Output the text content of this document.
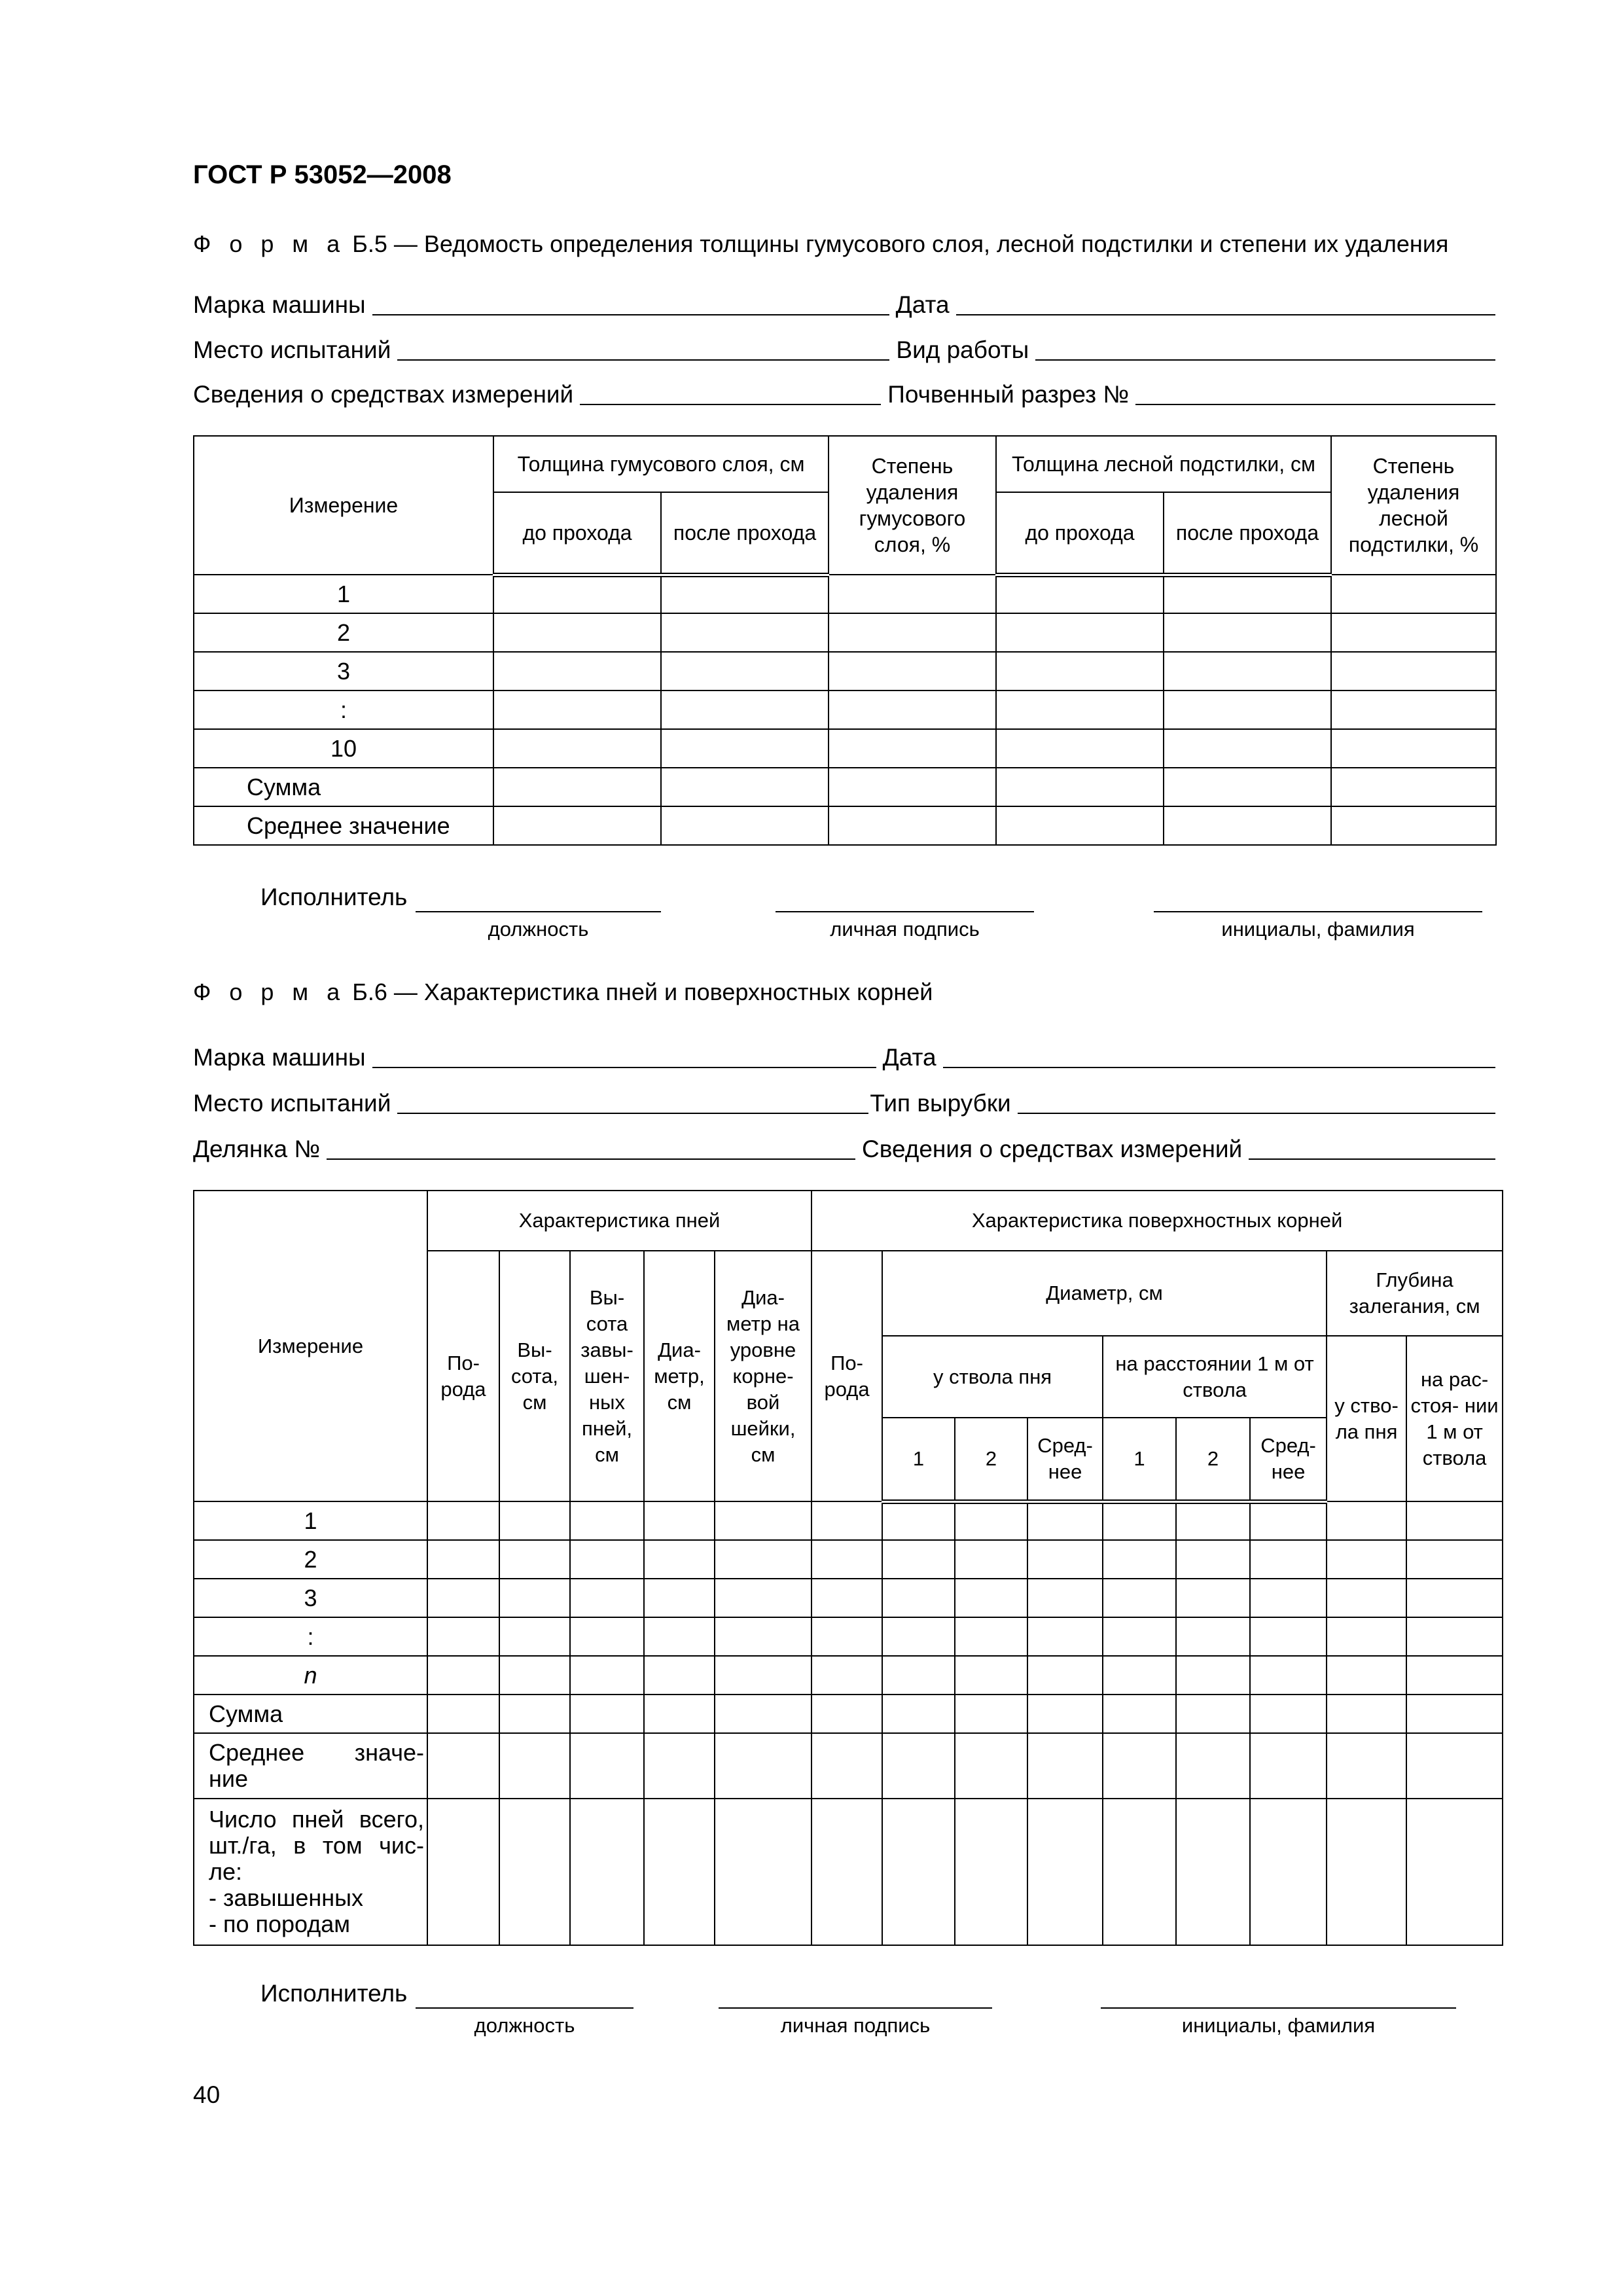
ГОСТ Р 53052—2008
Ф о р м а Б.5 — Ведомость определения толщины гумусового слоя, лесной подстилки и степени их удаления
Марка машины	Дата
Место испытаний	Вид работы
Сведения о средствах измерений	Почвенный разрез №
Измерение	Толщина гумусового слоя, см		Степень удаления гумусового слоя, %	Толщина лесной подстилки, см		Степень удаления лесной подстилки, %
	до прохода	после прохода		до прохода	после прохода	
1						
2						
3						
:						
10						
Сумма						
Среднее значение						
Исполнитель
должность	личная подпись	инициалы, фамилия
Ф о р м а Б.6 — Характеристика пней и поверхностных корней
Марка машины	Дата
Место испытаний	Тип вырубки
Делянка №	Сведения о средствах измерений
Измерение	Характеристика пней					Характеристика поверхностных корней								
	По- рода	Вы- сота, см	Вы- сота завы- шен- ных пней, см	Диа- метр, см	Диа- метр на уровне корне- вой шейки, см	По- рода	Диаметр, см						Глубина залегания, см	
							у ствола пня			на расстоянии 1 м от ствола			у ство- ла пня	на рас- стоя- нии 1 м от ствола
							1	2	Сред- нее	1	2	Сред- нее		
1														
2														
3														
:														
n														
Сумма														
Среднее значе- ние														

Число пней всего, шт./га, в том чис- ле:
- завышенных
- по породам														

Исполнитель
должность	личная подпись	инициалы, фамилия
40
